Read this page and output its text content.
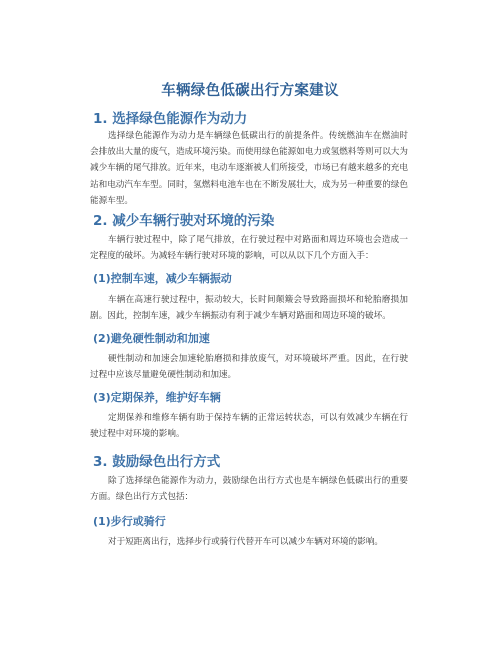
车辆绿色低碳出行方案建议
1. 选择绿色能源作为动力
选择绿色能源作为动力是车辆绿色低碳出行的前提条件。传统燃油车在燃油时会排放出大量的废气，造成环境污染。而使用绿色能源如电力或氢燃料等则可以大为减少车辆的尾气排放。近年来，电动车逐渐被人们所接受，市场已有越来越多的充电站和电动汽车车型。同时，氢燃料电池车也在不断发展壮大，成为另一种重要的绿色能源车型。
2. 减少车辆行驶对环境的污染
车辆行驶过程中，除了尾气排放，在行驶过程中对路面和周边环境也会造成一定程度的破坏。为减轻车辆行驶对环境的影响，可以从以下几个方面入手：
(1)控制车速，减少车辆振动
车辆在高速行驶过程中，振动较大，长时间颠簸会导致路面损坏和轮胎磨损加剧。因此，控制车速，减少车辆振动有利于减少车辆对路面和周边环境的破坏。
(2)避免硬性制动和加速
硬性制动和加速会加速轮胎磨损和排放废气，对环境破坏严重。因此，在行驶过程中应该尽量避免硬性制动和加速。
(3)定期保养，维护好车辆
定期保养和维修车辆有助于保持车辆的正常运转状态，可以有效减少车辆在行驶过程中对环境的影响。
3. 鼓励绿色出行方式
除了选择绿色能源作为动力，鼓励绿色出行方式也是车辆绿色低碳出行的重要方面。绿色出行方式包括：
(1)步行或骑行
对于短距离出行，选择步行或骑行代替开车可以减少车辆对环境的影响。
